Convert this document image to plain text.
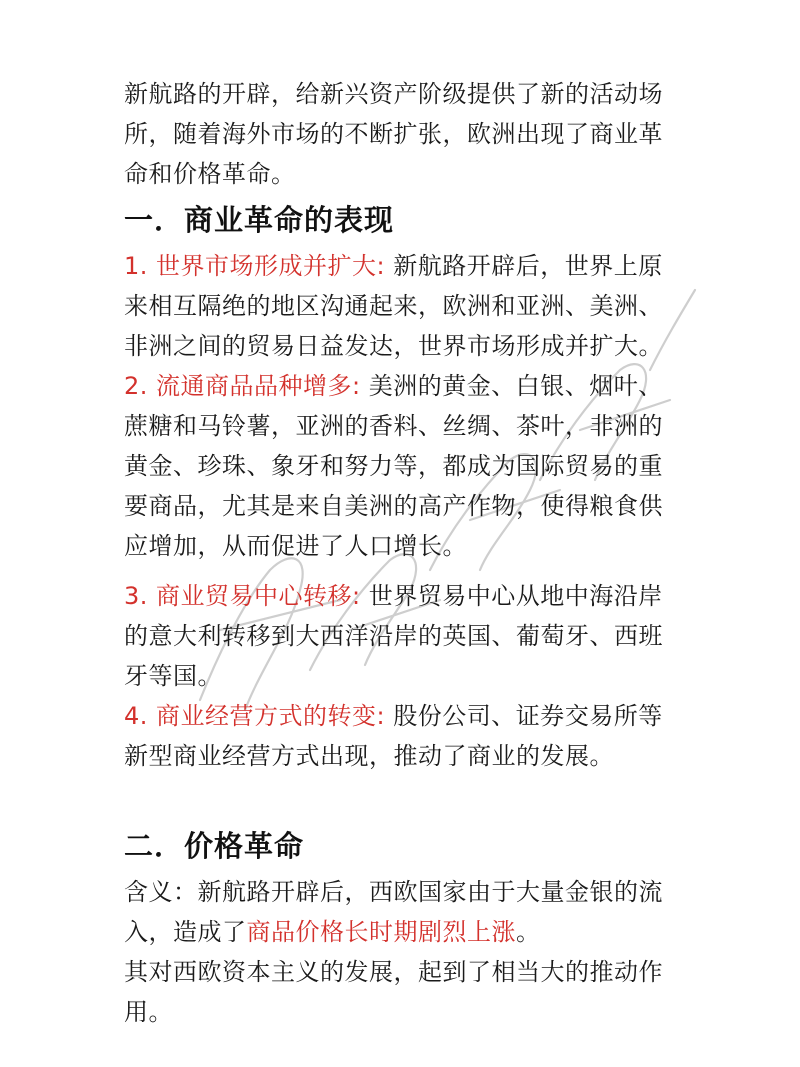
新航路的开辟，给新兴资产阶级提供了新的活动场所，随着海外市场的不断扩张，欧洲出现了商业革命和价格革命。

一．商业革命的表现

1. 世界市场形成并扩大: 新航路开辟后，世界上原来相互隔绝的地区沟通起来，欧洲和亚洲、美洲、非洲之间的贸易日益发达，世界市场形成并扩大。

2. 流通商品品种增多: 美洲的黄金、白银、烟叶、蔗糖和马铃薯，亚洲的香料、丝绸、茶叶，非洲的黄金、珍珠、象牙和努力等，都成为国际贸易的重要商品，尤其是来自美洲的高产作物，使得粮食供应增加，从而促进了人口增长。

3. 商业贸易中心转移: 世界贸易中心从地中海沿岸的意大利转移到大西洋沿岸的英国、葡萄牙、西班牙等国。

4. 商业经营方式的转变: 股份公司、证券交易所等新型商业经营方式出现，推动了商业的发展。

二．价格革命

含义：新航路开辟后，西欧国家由于大量金银的流入，造成了商品价格长时期剧烈上涨。

其对西欧资本主义的发展，起到了相当大的推动作用。
